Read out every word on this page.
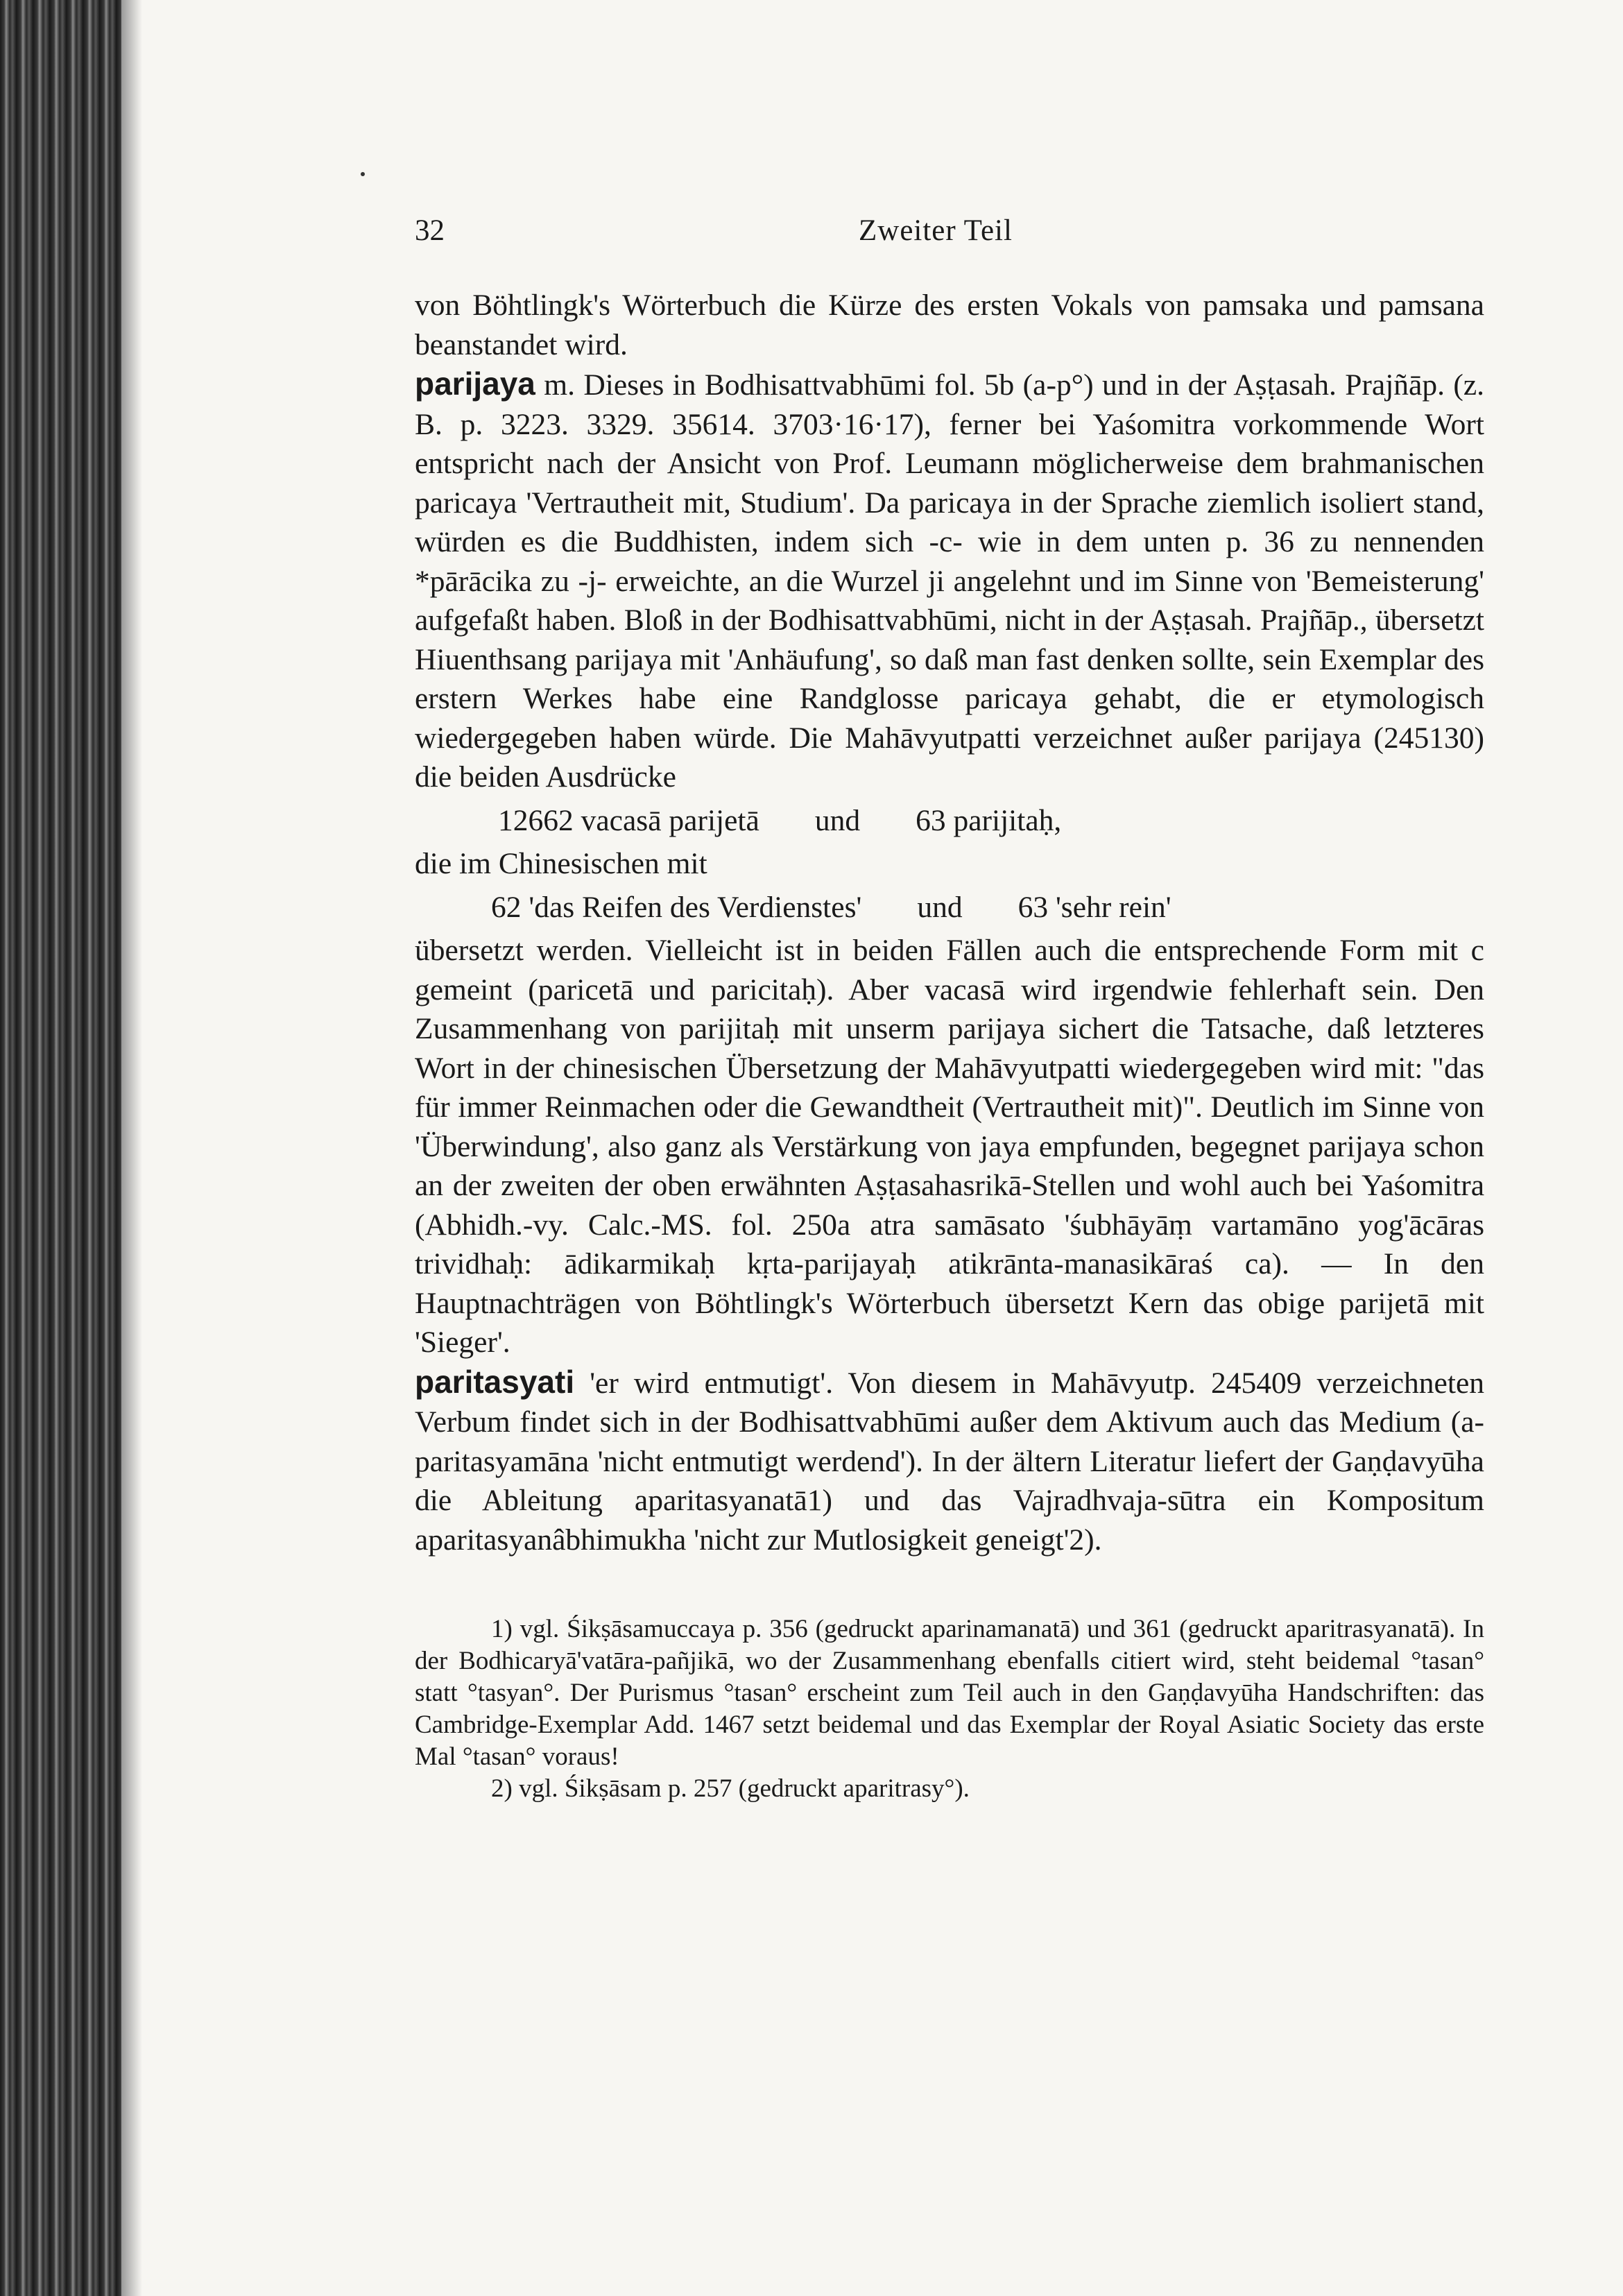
32	Zweiter Teil

von Böhtlingk's Wörterbuch die Kürze des ersten Vokals von pamsaka und pamsana beanstandet wird.

parijaya m. Dieses in Bodhisattvabhūmi fol. 5b (a-p°) und in der Aṣṭasah. Prajñāp. (z. B. p. 3223. 3329. 35614. 3703·16·17), ferner bei Yaśomitra vorkommende Wort entspricht nach der Ansicht von Prof. Leumann möglicherweise dem brahmanischen paricaya 'Vertrautheit mit, Studium'. Da paricaya in der Sprache ziemlich isoliert stand, würden es die Buddhisten, indem sich -c- wie in dem unten p. 36 zu nennenden *pārācika zu -j- erweichte, an die Wurzel ji angelehnt und im Sinne von 'Bemeisterung' aufgefaßt haben. Bloß in der Bodhisattvabhūmi, nicht in der Aṣṭasah. Prajñāp., übersetzt Hiuenthsang parijaya mit 'Anhäufung', so daß man fast denken sollte, sein Exemplar des erstern Werkes habe eine Randglosse paricaya gehabt, die er etymologisch wiedergegeben haben würde. Die Mahāvyutpatti verzeichnet außer parijaya (245130) die beiden Ausdrücke

12662 vacasā parijetā und 63 parijitaḥ,

die im Chinesischen mit

62 'das Reifen des Verdienstes' und 63 'sehr rein'

übersetzt werden. Vielleicht ist in beiden Fällen auch die entsprechende Form mit c gemeint (paricetā und paricitaḥ). Aber vacasā wird irgendwie fehlerhaft sein. Den Zusammenhang von parijitaḥ mit unserm parijaya sichert die Tatsache, daß letzteres Wort in der chinesischen Übersetzung der Mahāvyutpatti wiedergegeben wird mit: "das für immer Reinmachen oder die Gewandtheit (Vertrautheit mit)". Deutlich im Sinne von 'Überwindung', also ganz als Verstärkung von jaya empfunden, begegnet parijaya schon an der zweiten der oben erwähnten Aṣṭasahasrikā-Stellen und wohl auch bei Yaśomitra (Abhidh.-vy. Calc.-MS. fol. 250a atra samāsato 'śubhāyāṃ vartamāno yog'ācāras trividhaḥ: ādikarmikaḥ kṛta-parijayaḥ atikrānta-manasikāraś ca). — In den Hauptnachträgen von Böhtlingk's Wörterbuch übersetzt Kern das obige parijetā mit 'Sieger'.

paritasyati 'er wird entmutigt'. Von diesem in Mahāvyutp. 245409 verzeichneten Verbum findet sich in der Bodhisattvabhūmi außer dem Aktivum auch das Medium (a-paritasyamāna 'nicht entmutigt werdend'). In der ältern Literatur liefert der Gaṇḍavyūha die Ableitung aparitasyanatā1) und das Vajradhvaja-sūtra ein Kompositum aparitasyanâbhimukha 'nicht zur Mutlosigkeit geneigt'2).

1) vgl. Śikṣāsamuccaya p. 356 (gedruckt aparinamanatā) und 361 (gedruckt aparitrasyanatā). In der Bodhicaryā'vatāra-pañjikā, wo der Zusammenhang ebenfalls citiert wird, steht beidemal °tasan° statt °tasyan°. Der Purismus °tasan° erscheint zum Teil auch in den Gaṇḍavyūha Handschriften: das Cambridge-Exemplar Add. 1467 setzt beidemal und das Exemplar der Royal Asiatic Society das erste Mal °tasan° voraus!

2) vgl. Śikṣāsam p. 257 (gedruckt aparitrasy°).
